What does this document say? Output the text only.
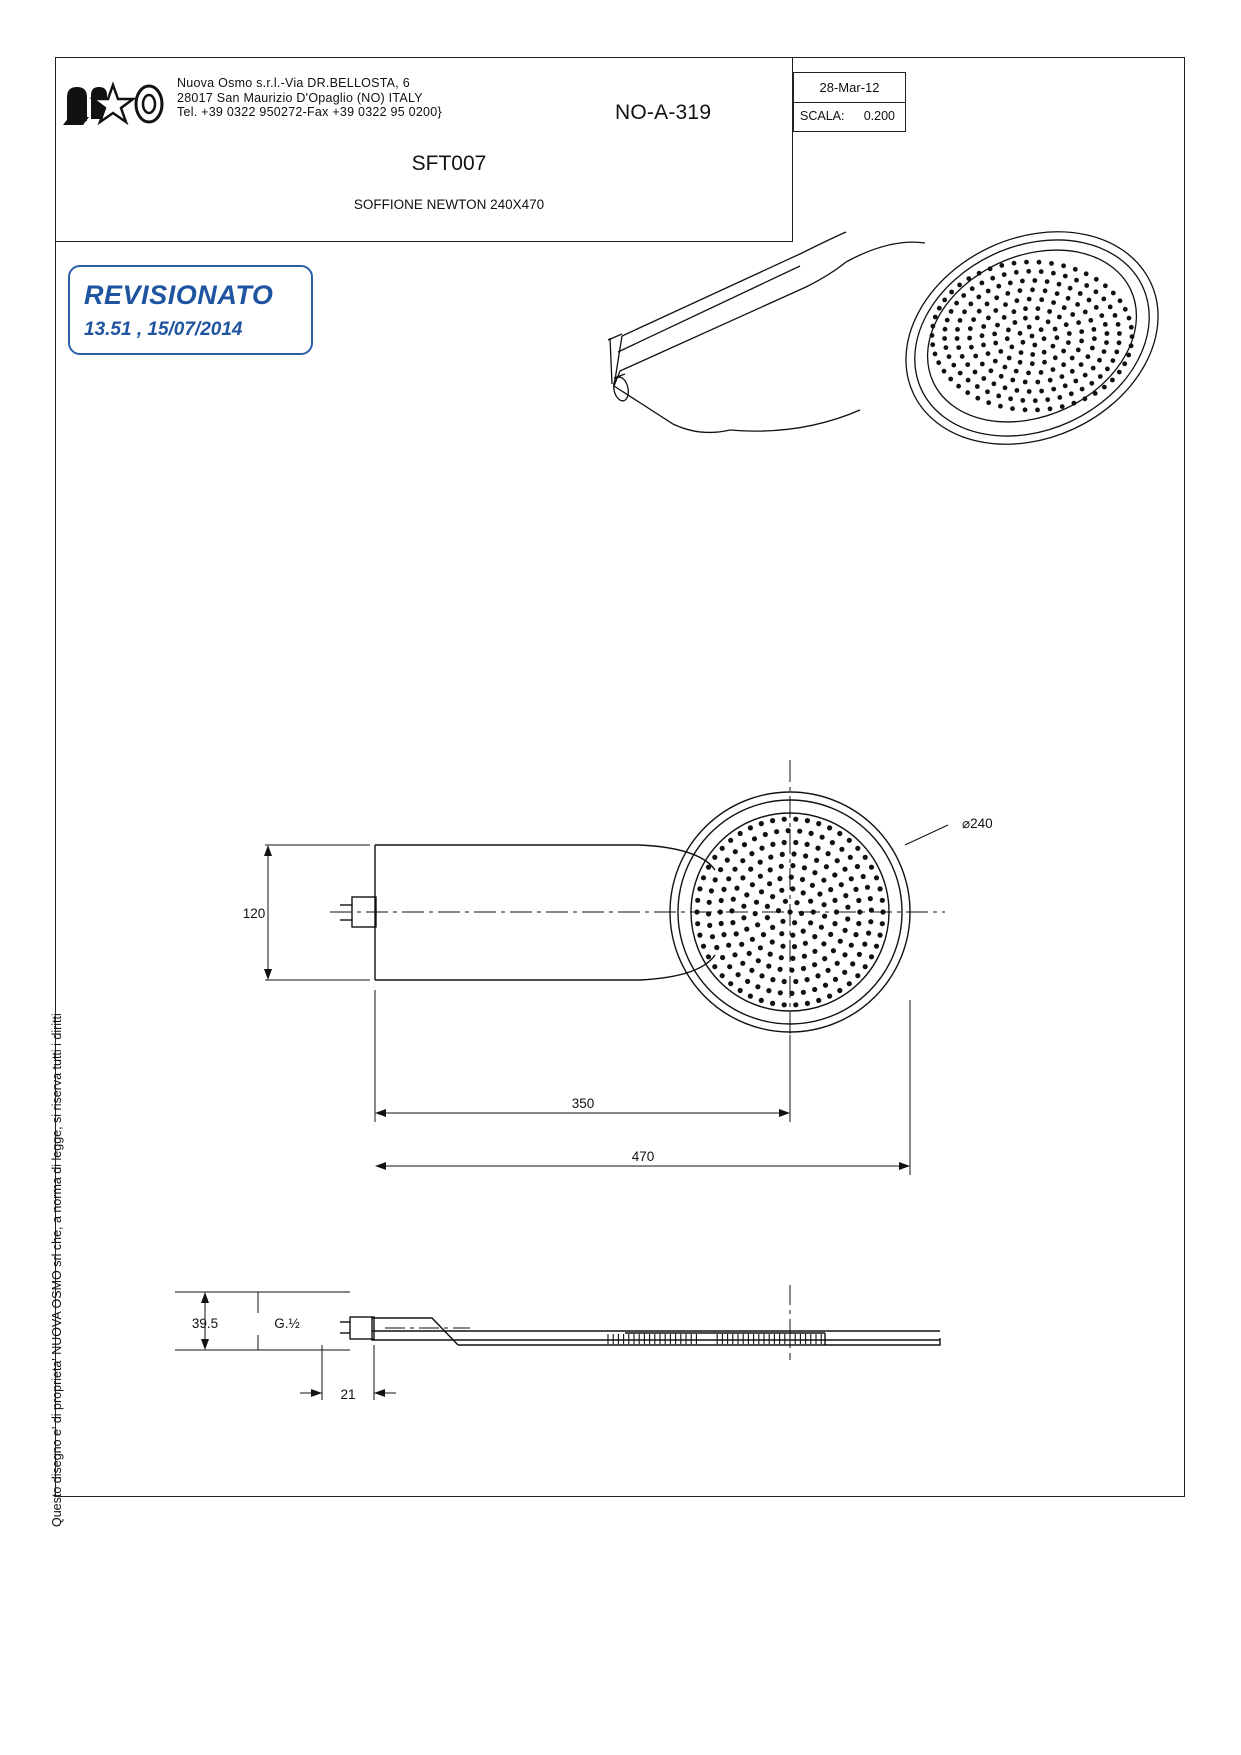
Nuova Osmo s.r.l.-Via DR.BELLOSTA, 6
28017 San Maurizio D'Opaglio (NO) ITALY
Tel. +39 0322 950272-Fax +39 0322 95 0200}	NO-A-319
SFT007
SOFFIONE NEWTON 240X470
28-Mar-12
SCALA: 0.200
REVISIONATO
13.51 , 15/07/2014
Questo disegno e' di proprieta' NUOVA OSMO srl che, a norma di legge, si riserva tutti i diritti
120
350
470
⌀240
39.5	G.½
21
